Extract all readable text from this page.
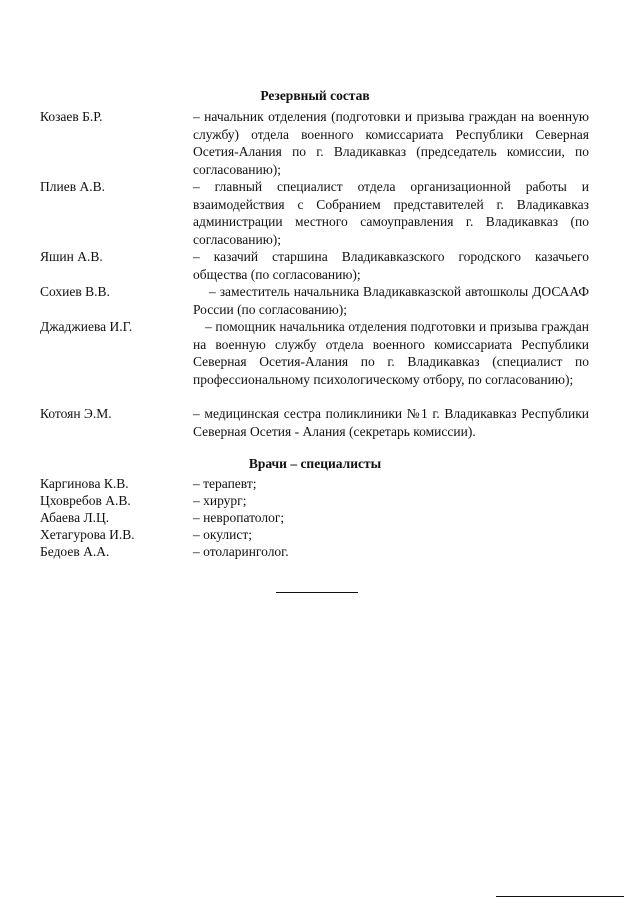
Резервный состав
Козаев Б.Р.	– начальник отделения (подготовки и призыва граждан на военную службу) отдела военного комиссариата Республики Северная Осетия-Алания по г. Владикавказ (председатель комиссии, по согласованию);
Плиев А.В.	– главный специалист отдела организационной работы и взаимодействия с Собранием представителей г. Владикавказ администрации местного самоуправления г. Владикавказ (по согласованию);
Яшин А.В.	– казачий старшина Владикавказского городского казачьего общества (по согласованию);
Сохиев В.В.	– заместитель начальника Владикавказской автошколы ДОСААФ России (по согласованию);
Джаджиева И.Г.	– помощник начальника отделения подготовки и призыва граждан на военную службу отдела военного комиссариата Республики Северная Осетия-Алания по г. Владикавказ (специалист по профессиональному психологическому отбору, по согласованию);
Котоян Э.М.	– медицинская сестра поликлиники №1 г. Владикавказ Республики Северная Осетия - Алания (секретарь комиссии).
Врачи – специалисты
Каргинова К.В.	– терапевт;
Цховребов А.В.	– хирург;
Абаева Л.Ц.	– невропатолог;
Хетагурова И.В.	– окулист;
Бедоев А.А.	– отоларинголог.
